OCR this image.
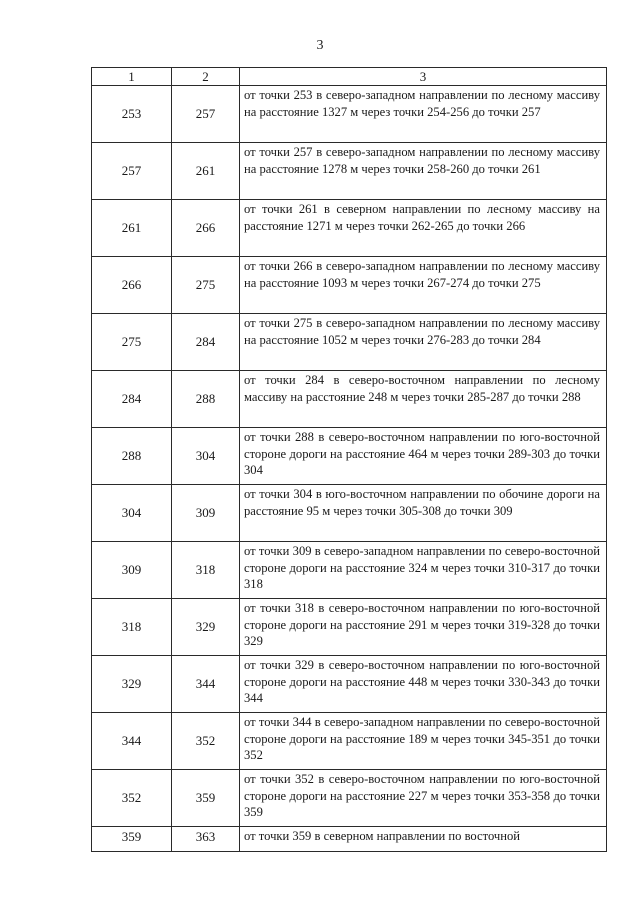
3
1	2	3
253	257	от точки 253 в северо-западном направлении по лесному массиву на расстояние 1327 м через точки 254-256 до точки 257
257	261	от точки 257 в северо-западном направлении по лесному массиву на расстояние 1278 м через точки 258-260 до точки 261
261	266	от точки 261 в северном направлении по лесному массиву на расстояние 1271 м через точки 262-265 до точки 266
266	275	от точки 266 в северо-западном направлении по лесному массиву на расстояние 1093 м через точки 267-274 до точки 275
275	284	от точки 275 в северо-западном направлении по лесному массиву на расстояние 1052 м через точки 276-283 до точки 284
284	288	от точки 284 в северо-восточном направлении по лесному массиву на расстояние 248 м через точки 285-287 до точки 288
288	304	от точки 288 в северо-восточном направлении по юго-восточной стороне дороги на расстояние 464 м через точки 289-303 до точки 304
304	309	от точки 304 в юго-восточном направлении по обочине дороги на расстояние 95 м через точки 305-308 до точки 309
309	318	от точки 309 в северо-западном направлении по северо-восточной стороне дороги на расстояние 324 м через точки 310-317 до точки 318
318	329	от точки 318 в северо-восточном направлении по юго-восточной стороне дороги на расстояние 291 м через точки 319-328 до точки 329
329	344	от точки 329 в северо-восточном направлении по юго-восточной стороне дороги на расстояние 448 м через точки 330-343 до точки 344
344	352	от точки 344 в северо-западном направлении по северо-восточной стороне дороги на расстояние 189 м через точки 345-351 до точки 352
352	359	от точки 352 в северо-восточном направлении по юго-восточной стороне дороги на расстояние 227 м через точки 353-358 до точки 359
359	363	от точки 359 в северном направлении по восточной
